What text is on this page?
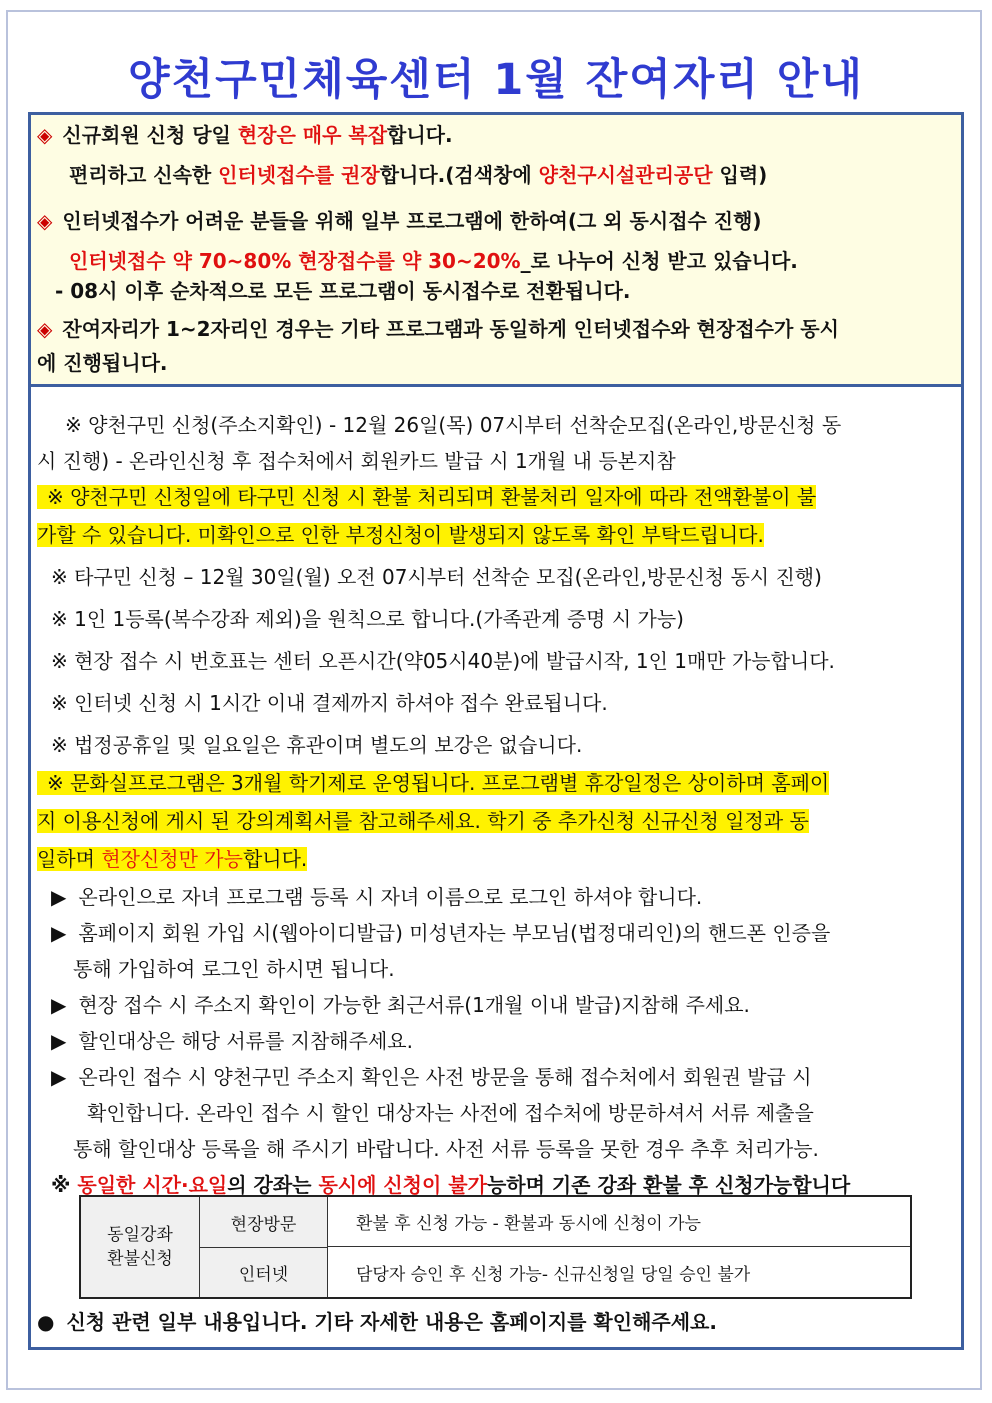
양천구민체육센터 1월 잔여자리 안내
◈ 신규회원 신청 당일 현장은 매우 복잡합니다.
편리하고 신속한 인터넷접수를 권장합니다.(검색창에 양천구시설관리공단 입력)
◈ 인터넷접수가 어려운 분들을 위해 일부 프로그램에 한하여(그 외 동시접수 진행)
인터넷접수 약 70~80% 현장접수를 약 30~20%_로 나누어 신청 받고 있습니다.
- 08시 이후 순차적으로 모든 프로그램이 동시접수로 전환됩니다.
◈ 잔여자리가 1~2자리인 경우는 기타 프로그램과 동일하게 인터넷접수와 현장접수가 동시
에 진행됩니다.
※ 양천구민 신청(주소지확인) - 12월 26일(목) 07시부터 선착순모집(온라인,방문신청 동
시 진행) - 온라인신청 후 접수처에서 회원카드 발급 시 1개월 내 등본지참
※ 양천구민 신청일에 타구민 신청 시 환불 처리되며 환불처리 일자에 따라 전액환불이 불
가할 수 있습니다. 미확인으로 인한 부정신청이 발생되지 않도록 확인 부탁드립니다.
※ 타구민 신청 – 12월 30일(월) 오전 07시부터 선착순 모집(온라인,방문신청 동시 진행)
※ 1인 1등록(복수강좌 제외)을 원칙으로 합니다.(가족관계 증명 시 가능)
※ 현장 접수 시 번호표는 센터 오픈시간(약05시40분)에 발급시작, 1인 1매만 가능합니다.
※ 인터넷 신청 시 1시간 이내 결제까지 하셔야 접수 완료됩니다.
※ 법정공휴일 및 일요일은 휴관이며 별도의 보강은 없습니다.
※ 문화실프로그램은 3개월 학기제로 운영됩니다. 프로그램별 휴강일정은 상이하며 홈페이
지 이용신청에 게시 된 강의계획서를 참고해주세요. 학기 중 추가신청 신규신청 일정과 동
일하며 현장신청만 가능합니다.
▶ 온라인으로 자녀 프로그램 등록 시 자녀 이름으로 로그인 하셔야 합니다.
▶ 홈페이지 회원 가입 시(웹아이디발급) 미성년자는 부모님(법정대리인)의 핸드폰 인증을
통해 가입하여 로그인 하시면 됩니다.
▶ 현장 접수 시 주소지 확인이 가능한 최근서류(1개월 이내 발급)지참해 주세요.
▶ 할인대상은 해당 서류를 지참해주세요.
▶ 온라인 접수 시 양천구민 주소지 확인은 사전 방문을 통해 접수처에서 회원권 발급 시
확인합니다. 온라인 접수 시 할인 대상자는 사전에 접수처에 방문하셔서 서류 제출을
통해 할인대상 등록을 해 주시기 바랍니다. 사전 서류 등록을 못한 경우 추후 처리가능.
※ 동일한 시간·요일의 강좌는 동시에 신청이 불가능하며 기존 강좌 환불 후 신청가능합니다
동일강좌
환불신청
현장방문	환불 후 신청 가능 - 환불과 동시에 신청이 가능
인터넷	담당자 승인 후 신청 가능- 신규신청일 당일 승인 불가
● 신청 관련 일부 내용입니다. 기타 자세한 내용은 홈페이지를 확인해주세요.
